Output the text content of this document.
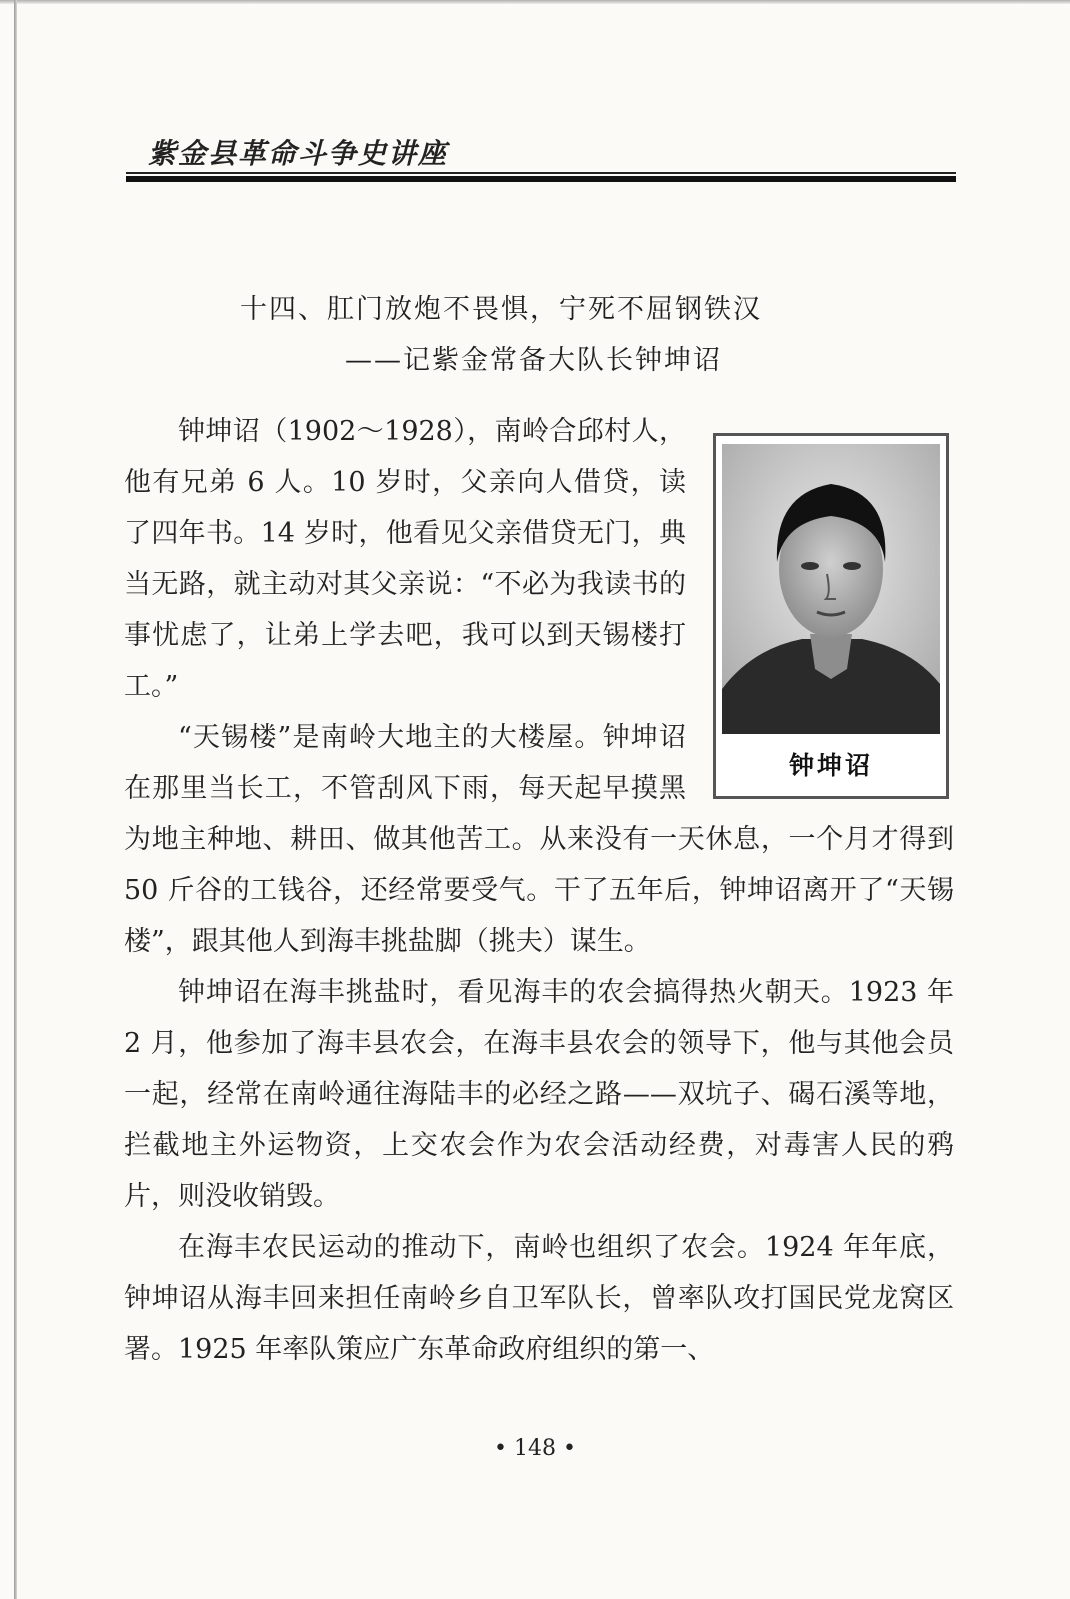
紫金县革命斗争史讲座
十四、肛门放炮不畏惧，宁死不屈钢铁汉
——记紫金常备大队长钟坤诏
钟坤诏

钟坤诏（1902～1928），南岭合邱村人，他有兄弟 6 人。10 岁时，父亲向人借贷，读了四年书。14 岁时，他看见父亲借贷无门，典当无路，就主动对其父亲说：“不必为我读书的事忧虑了，让弟上学去吧，我可以到天锡楼打工。”

“天锡楼”是南岭大地主的大楼屋。钟坤诏在那里当长工，不管刮风下雨，每天起早摸黑为地主种地、耕田、做其他苦工。从来没有一天休息，一个月才得到 50 斤谷的工钱谷，还经常要受气。干了五年后，钟坤诏离开了“天锡楼”，跟其他人到海丰挑盐脚（挑夫）谋生。

钟坤诏在海丰挑盐时，看见海丰的农会搞得热火朝天。1923 年 2 月，他参加了海丰县农会，在海丰县农会的领导下，他与其他会员一起，经常在南岭通往海陆丰的必经之路——双坑子、碣石溪等地，拦截地主外运物资，上交农会作为农会活动经费，对毒害人民的鸦片，则没收销毁。

在海丰农民运动的推动下，南岭也组织了农会。1924 年年底，钟坤诏从海丰回来担任南岭乡自卫军队长，曾率队攻打国民党龙窝区署。1925 年率队策应广东革命政府组织的第一、

• 148 •
